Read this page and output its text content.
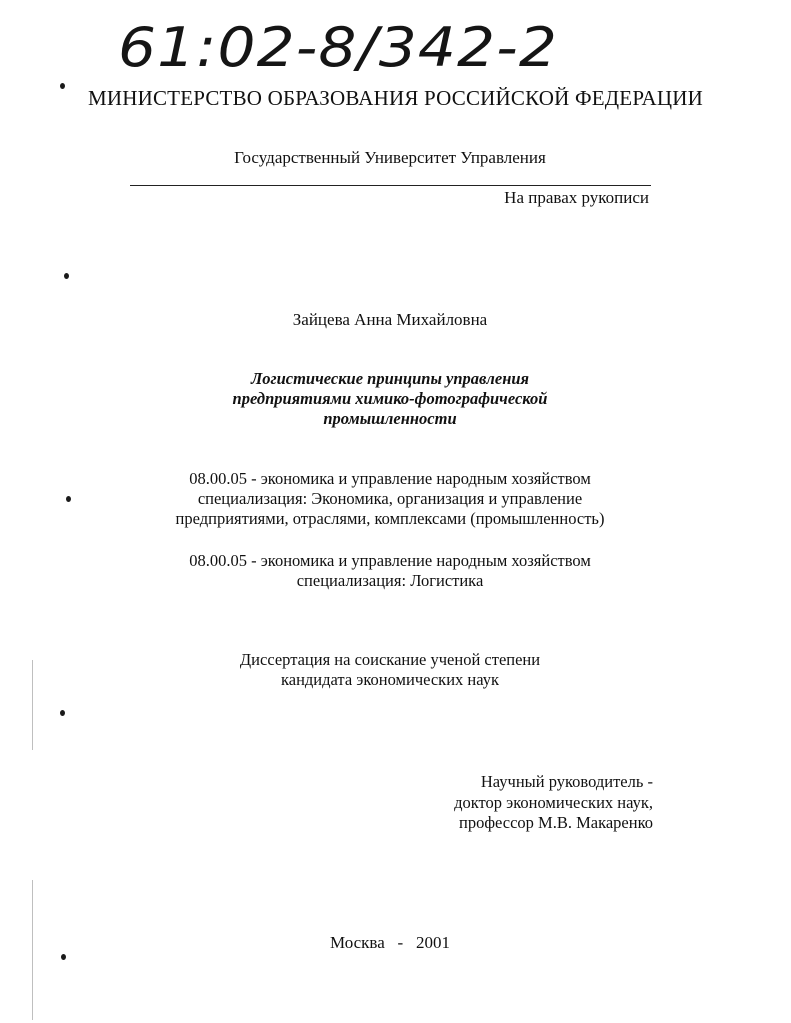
61:02-8/342-2
МИНИСТЕРСТВО ОБРАЗОВАНИЯ РОССИЙСКОЙ ФЕДЕРАЦИИ
Государственный Университет Управления
На правах рукописи
Зайцева Анна Михайловна
Логистические принципы управления
предприятиями химико-фотографической
промышленности
08.00.05 - экономика и управление народным хозяйством
специализация: Экономика, организация и управление
предприятиями, отраслями, комплексами (промышленность)
08.00.05 - экономика и управление народным хозяйством
специализация: Логистика
Диссертация на соискание ученой степени
кандидата экономических наук
Научный руководитель -
доктор экономических наук,
профессор М.В. Макаренко
Москва - 2001
